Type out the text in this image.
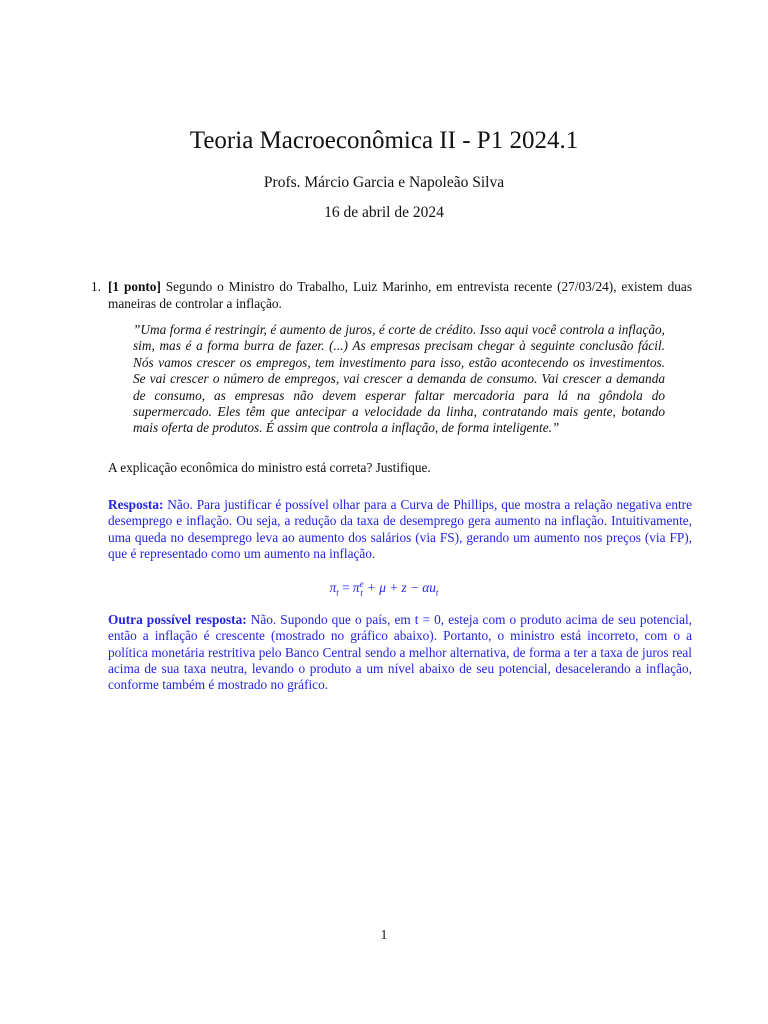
Teoria Macroeconômica II - P1 2024.1
Profs. Márcio Garcia e Napoleão Silva
16 de abril de 2024
1. [1 ponto] Segundo o Ministro do Trabalho, Luiz Marinho, em entrevista recente (27/03/24), existem duas maneiras de controlar a inflação.
”Uma forma é restringir, é aumento de juros, é corte de crédito. Isso aqui você controla a inflação, sim, mas é a forma burra de fazer. (...) As empresas precisam chegar à seguinte conclusão fácil. Nós vamos crescer os empregos, tem investimento para isso, estão acontecendo os investimentos. Se vai crescer o número de empregos, vai crescer a demanda de consumo. Vai crescer a demanda de consumo, as empresas não devem esperar faltar mercadoria para lá na gôndola do supermercado. Eles têm que antecipar a velocidade da linha, contratando mais gente, botando mais oferta de produtos. É assim que controla a inflação, de forma inteligente.”
A explicação econômica do ministro está correta? Justifique.
Resposta: Não. Para justificar é possível olhar para a Curva de Phillips, que mostra a relação negativa entre desemprego e inflação. Ou seja, a redução da taxa de desemprego gera aumento na inflação. Intuitivamente, uma queda no desemprego leva ao aumento dos salários (via FS), gerando um aumento nos preços (via FP), que é representado como um aumento na inflação.
$\pi_t = \pi$ e
$t + \mu + z - \alpha u_t$
Outra possível resposta: Não. Supondo que o país, em t = 0, esteja com o produto acima de seu potencial, então a inflação é crescente (mostrado no gráfico abaixo). Portanto, o ministro está incorreto, com o a política monetária restritiva pelo Banco Central sendo a melhor alternativa, de forma a ter a taxa de juros real acima de sua taxa neutra, levando o produto a um nível abaixo de seu potencial, desacelerando a inflação, conforme também é mostrado no gráfico.
1
